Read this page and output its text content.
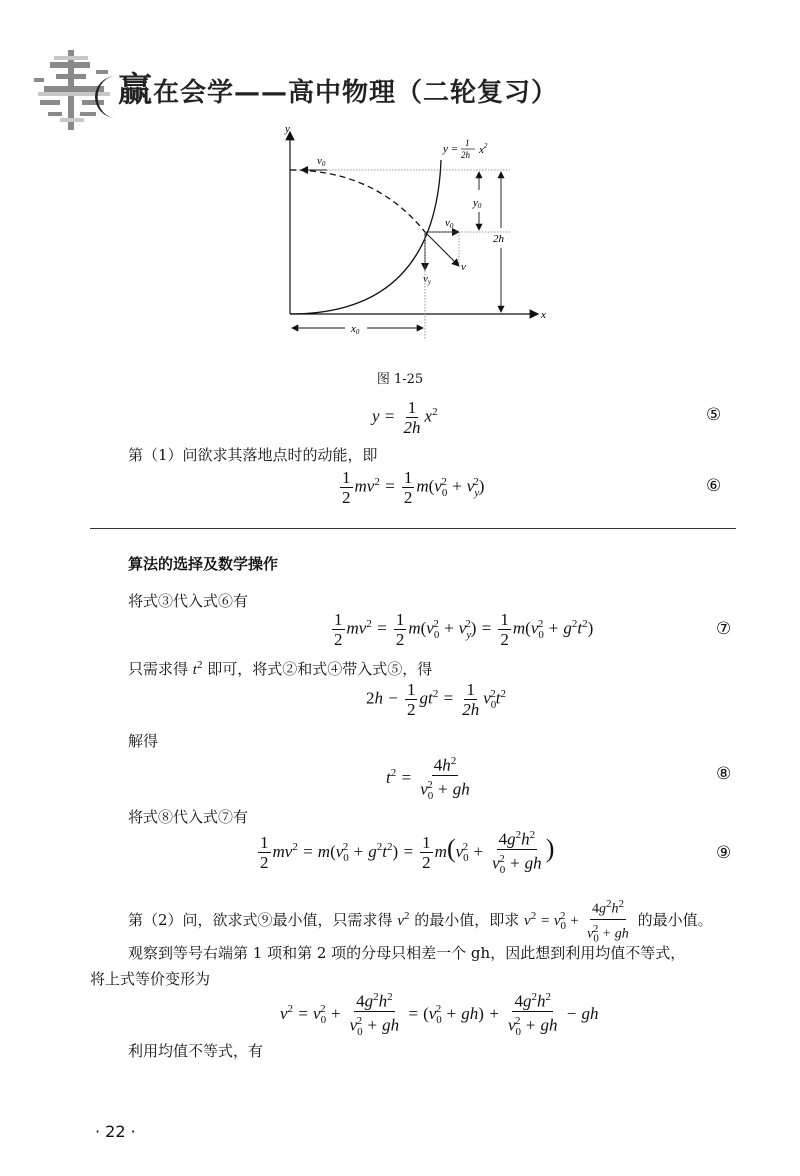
赢在会学——高中物理（二轮复习）
y
x
v0
v0
v
vy
y0
2h
x0
y = 1
2h $x^2$
图 1-25
$y = \frac{1}{2h} x^2$	⑤
第（1）问欲求其落地点时的动能，即
$\frac{1}{2} mv^2 = \frac{1}{2} m(v_0^2 + v_y^2)$	⑥
算法的选择及数学操作
将式③代入式⑥有
$\frac{1}{2} mv^2 = \frac{1}{2} m(v_0^2 + v_y^2) = \frac{1}{2} m(v_0^2 + g^2t^2)$	⑦
只需求得 $t^2$ 即可，将式②和式④带入式⑤，得
$2h - \frac{1}{2} gt^2 = \frac{1}{2h} v_0^2t^2$
解得
$t^2 = \frac{4h^2}{v_0^2 + gh}$	⑧
将式⑧代入式⑦有
$\frac{1}{2} mv^2 = m(v_0^2 + g^2t^2) = \frac{1}{2} m(v_0^2 + \frac{4g^2h^2}{v_0^2 + gh}$ )	⑨
第（2）问，欲求式⑨最小值，只需求得 $v^2$ 的最小值，即求 $v^2 = v_0^2 + \frac{4g^2h^2}{v_0^2 + gh}$ 的最小值。
观察到等号右端第 1 项和第 2 项的分母只相差一个 gh，因此想到利用均值不等式，
将上式等价变形为
$v^2 = v_0^2 + \frac{4g^2h^2}{v_0^2 + gh} = (v_0^2 + gh) + \frac{4g^2h^2}{v_0^2 + gh}$ − gh
利用均值不等式，有
· 22 ·
